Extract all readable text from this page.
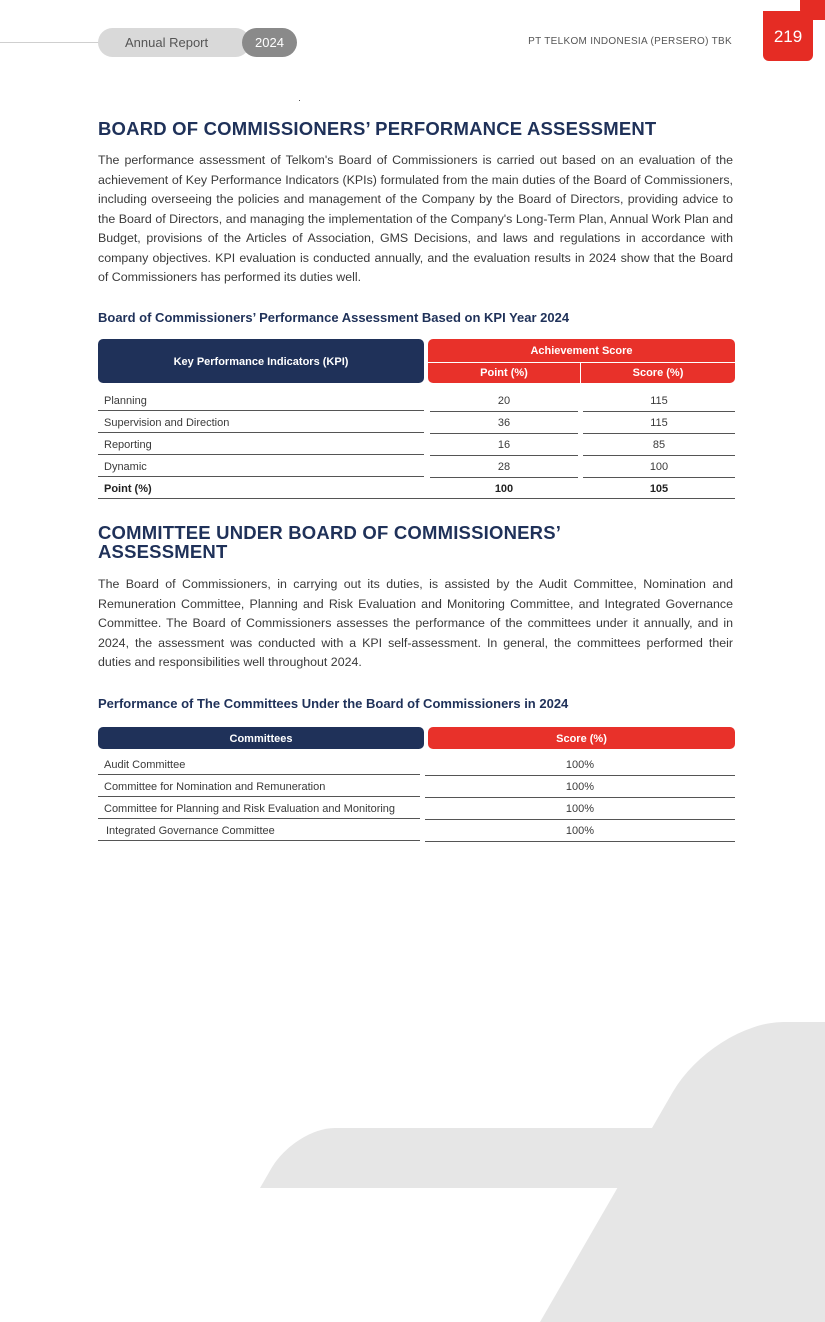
Annual Report	2024	PT TELKOM INDONESIA (PERSERO) TBK	219
BOARD OF COMMISSIONERS’ PERFORMANCE ASSESSMENT

The performance assessment of Telkom's Board of Commissioners is carried out based on an evaluation of the achievement of Key Performance Indicators (KPIs) formulated from the main duties of the Board of Commissioners, including overseeing the policies and management of the Company by the Board of Directors, providing advice to the Board of Directors, and managing the implementation of the Company's Long-Term Plan, Annual Work Plan and Budget, provisions of the Articles of Association, GMS Decisions, and laws and regulations in accordance with company objectives. KPI evaluation is conducted annually, and the evaluation results in 2024 show that the Board of Commissioners has performed its duties well.

Board of Commissioners’ Performance Assessment Based on KPI Year 2024
Key Performance Indicators (KPI)
Achievement Score
Point (%)	Score (%)
Planning	20	115
Supervision and Direction	36	115
Reporting	16	85
Dynamic	28	100
Point (%)	100	105
COMMITTEE UNDER BOARD OF COMMISSIONERS’
ASSESSMENT

The Board of Commissioners, in carrying out its duties, is assisted by the Audit Committee, Nomination and Remuneration Committee, Planning and Risk Evaluation and Monitoring Committee, and Integrated Governance Committee. The Board of Commissioners assesses the performance of the committees under it annually, and in 2024, the assessment was conducted with a KPI self-assessment. In general, the committees performed their duties and responsibilities well throughout 2024.

Performance of The Committees Under the Board of Commissioners in 2024
Committees	Score (%)
Audit Committee	100%
Committee for Nomination and Remuneration	100%
Committee for Planning and Risk Evaluation and Monitoring	100%
Integrated Governance Committee	100%
